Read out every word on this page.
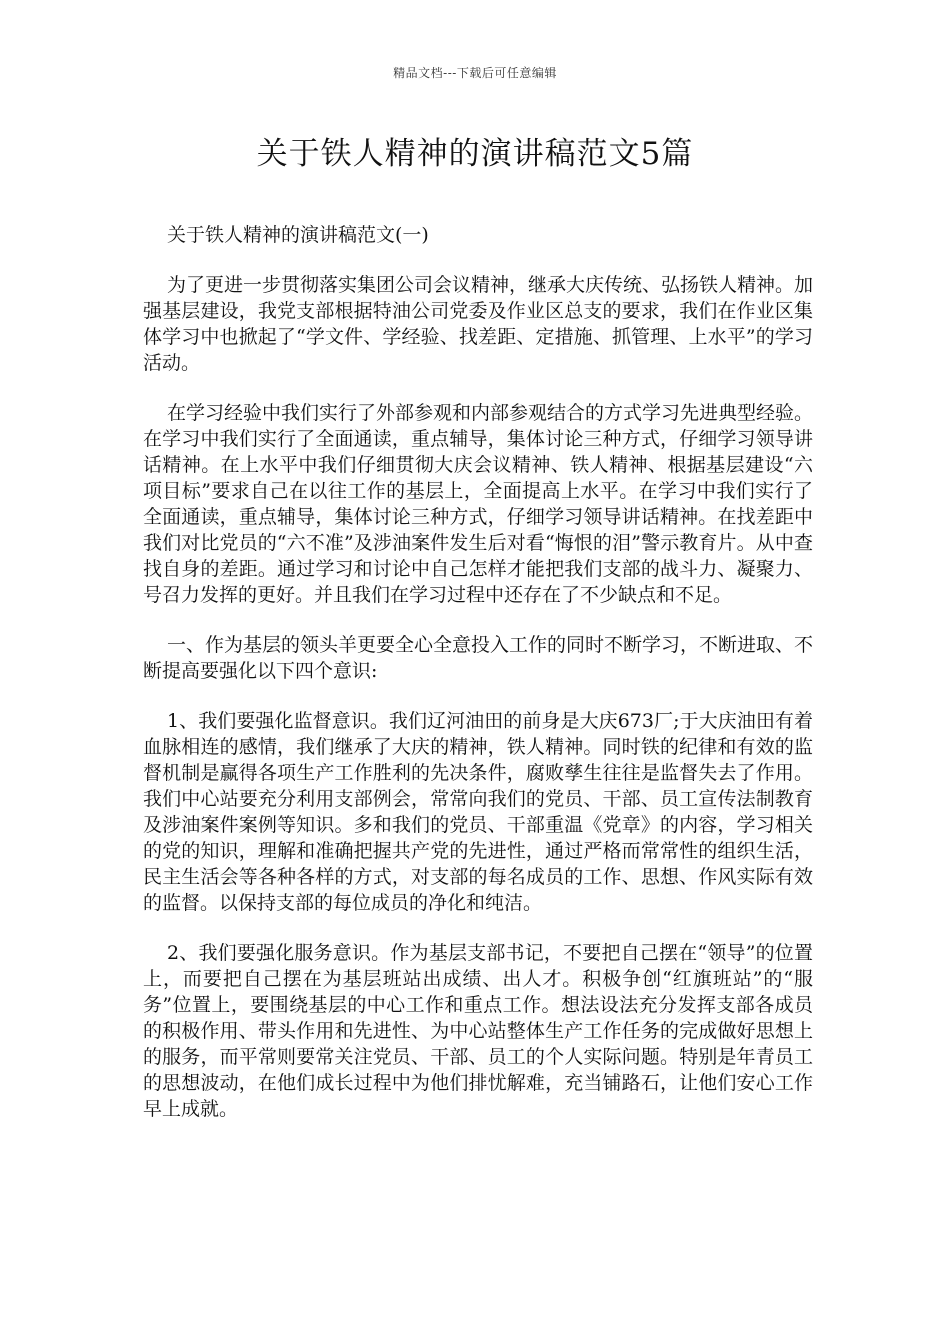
精品文档---下载后可任意编辑
关于铁人精神的演讲稿范文5篇

关于铁人精神的演讲稿范文(一)

为了更进一步贯彻落实集团公司会议精神，继承大庆传统、弘扬铁人精神。加强基层建设，我党支部根据特油公司党委及作业区总支的要求，我们在作业区集体学习中也掀起了“学文件、学经验、找差距、定措施、抓管理、上水平”的学习活动。

在学习经验中我们实行了外部参观和内部参观结合的方式学习先进典型经验。在学习中我们实行了全面通读，重点辅导，集体讨论三种方式，仔细学习领导讲话精神。在上水平中我们仔细贯彻大庆会议精神、铁人精神、根据基层建设“六项目标”要求自己在以往工作的基层上，全面提高上水平。在学习中我们实行了全面通读，重点辅导，集体讨论三种方式，仔细学习领导讲话精神。在找差距中我们对比党员的“六不准”及涉油案件发生后对看“悔恨的泪”警示教育片。从中查找自身的差距。通过学习和讨论中自己怎样才能把我们支部的战斗力、凝聚力、号召力发挥的更好。并且我们在学习过程中还存在了不少缺点和不足。

一、作为基层的领头羊更要全心全意投入工作的同时不断学习，不断进取、不断提高要强化以下四个意识:

1、我们要强化监督意识。我们辽河油田的前身是大庆673厂;于大庆油田有着血脉相连的感情，我们继承了大庆的精神，铁人精神。同时铁的纪律和有效的监督机制是赢得各项生产工作胜利的先决条件，腐败孳生往往是监督失去了作用。我们中心站要充分利用支部例会，常常向我们的党员、干部、员工宣传法制教育及涉油案件案例等知识。多和我们的党员、干部重温《党章》的内容，学习相关的党的知识，理解和准确把握共产党的先进性，通过严格而常常性的组织生活，民主生活会等各种各样的方式，对支部的每名成员的工作、思想、作风实际有效的监督。以保持支部的每位成员的净化和纯洁。

2、我们要强化服务意识。作为基层支部书记，不要把自己摆在“领导”的位置上，而要把自己摆在为基层班站出成绩、出人才。积极争创“红旗班站”的“服务”位置上，要围绕基层的中心工作和重点工作。想法设法充分发挥支部各成员的积极作用、带头作用和先进性、为中心站整体生产工作任务的完成做好思想上的服务，而平常则要常关注党员、干部、员工的个人实际问题。特别是年青员工的思想波动，在他们成长过程中为他们排忧解难，充当铺路石，让他们安心工作早上成就。
